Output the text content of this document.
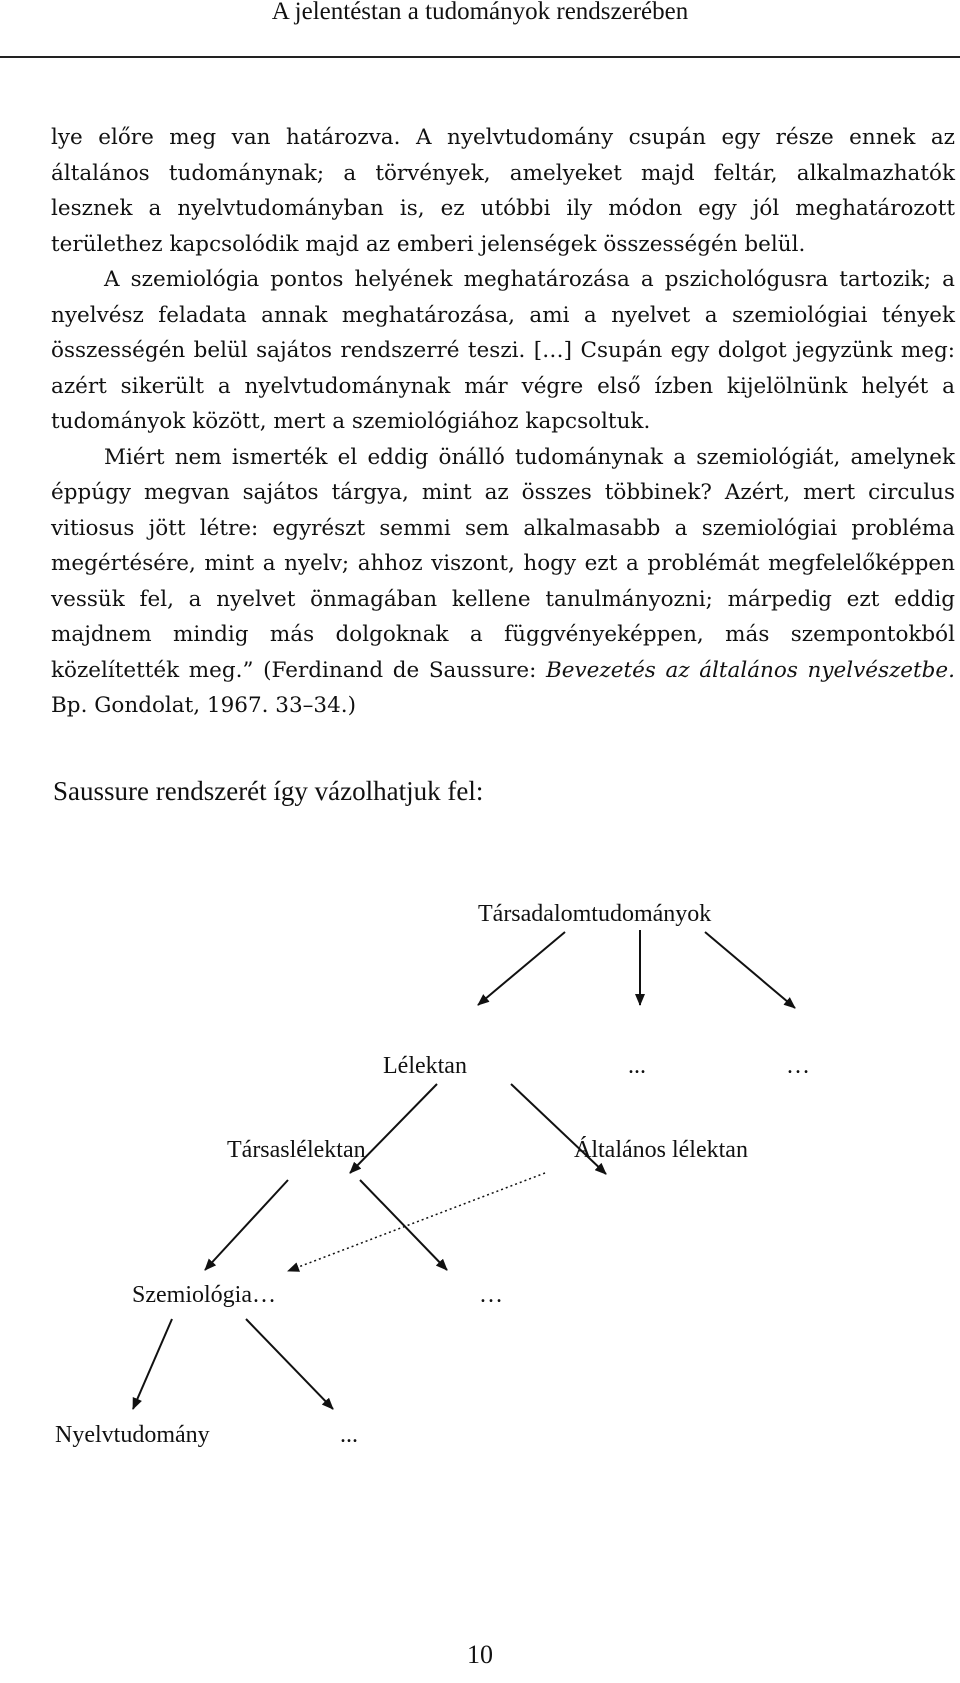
A jelentéstan a tudományok rendszerében

lye előre meg van határozva. A nyelvtudomány csupán egy része ennek az általános tudománynak; a törvények, amelyeket majd feltár, alkalmazhatók lesznek a nyelvtudományban is, ez utóbbi ily módon egy jól meghatározott területhez kapcsolódik majd az emberi jelenségek összességén belül.

A szemiológia pontos helyének meghatározása a pszichológusra tartozik; a nyelvész feladata annak meghatározása, ami a nyelvet a szemiológiai tények összességén belül sajátos rendszerré teszi. […] Csupán egy dolgot jegyzünk meg: azért sikerült a nyelvtudománynak már végre első ízben kijelölnünk helyét a tudományok között, mert a szemiológiához kapcsoltuk.

Miért nem ismerték el eddig önálló tudománynak a szemiológiát, amelynek éppúgy megvan sajátos tárgya, mint az összes többinek? Azért, mert circulus vitiosus jött létre: egyrészt semmi sem alkalmasabb a szemiológiai probléma megértésére, mint a nyelv; ahhoz viszont, hogy ezt a problémát megfelelőképpen vessük fel, a nyelvet önmagában kellene tanulmányozni; márpedig ezt eddig majdnem mindig más dolgoknak a függvényeképpen, más szempontokból közelítették meg.” (Ferdinand de Saussure: Bevezetés az általános nyelvészetbe. Bp. Gondolat, 1967. 33–34.)

Saussure rendszerét így vázolhatjuk fel:
Társadalomtudományok
Lélektan	...	…
Társaslélektan	Általános lélektan
Szemiológia…	…
Nyelvtudomány	...
10
